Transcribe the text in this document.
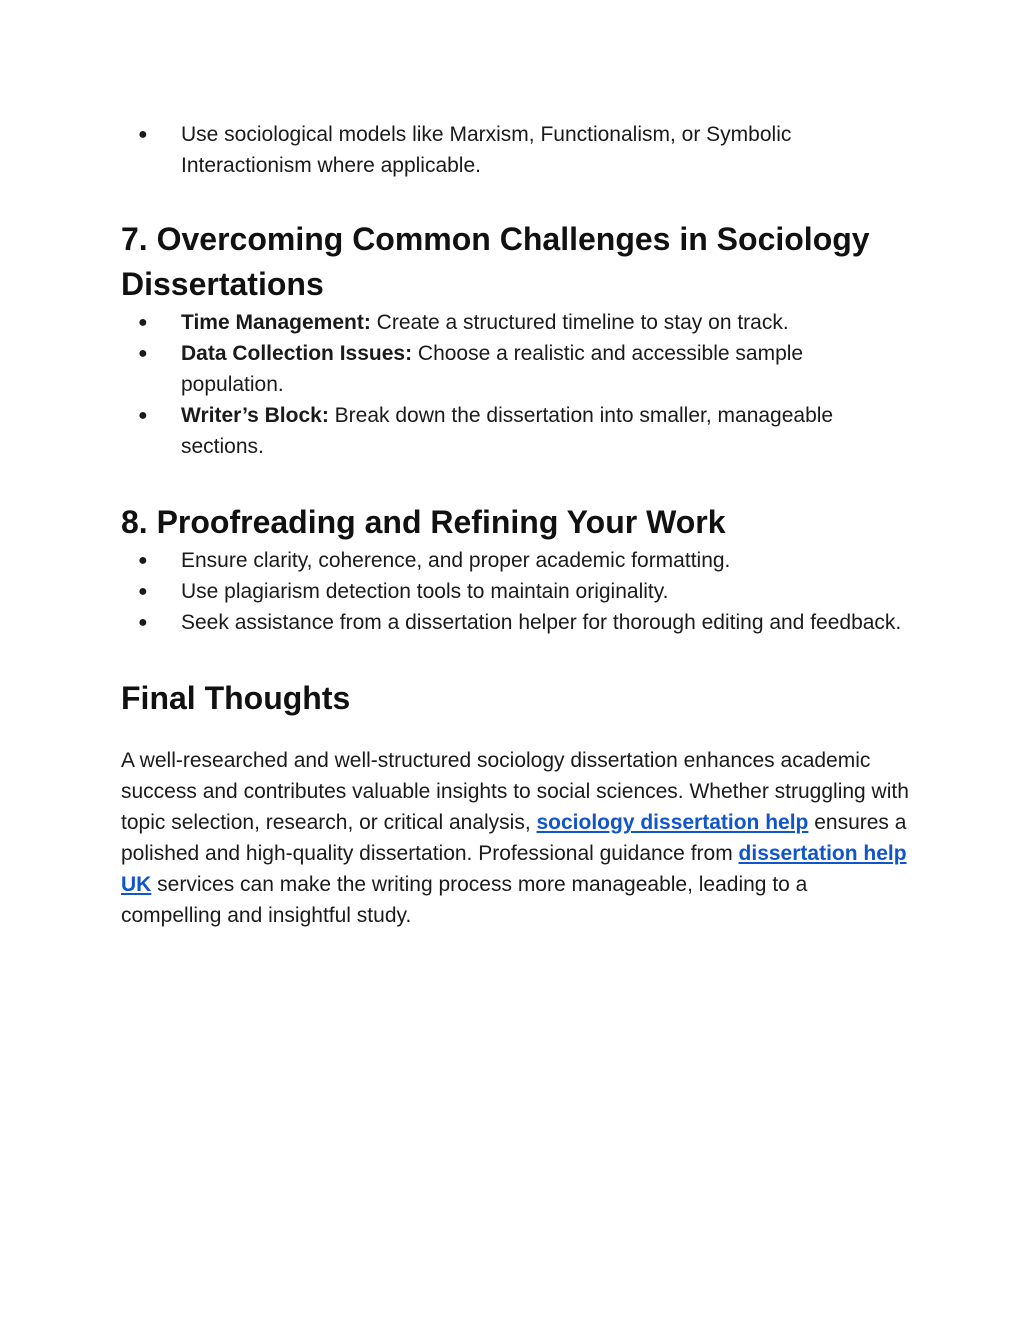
● Use sociological models like Marxism, Functionalism, or Symbolic Interactionism where applicable.
7. Overcoming Common Challenges in Sociology Dissertations
● Time Management: Create a structured timeline to stay on track.
● Data Collection Issues: Choose a realistic and accessible sample population.
● Writer’s Block: Break down the dissertation into smaller, manageable sections.
8. Proofreading and Refining Your Work
● Ensure clarity, coherence, and proper academic formatting.
● Use plagiarism detection tools to maintain originality.
● Seek assistance from a dissertation helper for thorough editing and feedback.
Final Thoughts

A well-researched and well-structured sociology dissertation enhances academic success and contributes valuable insights to social sciences. Whether struggling with topic selection, research, or critical analysis, sociology dissertation help ensures a polished and high-quality dissertation. Professional guidance from dissertation help UK services can make the writing process more manageable, leading to a compelling and insightful study.
